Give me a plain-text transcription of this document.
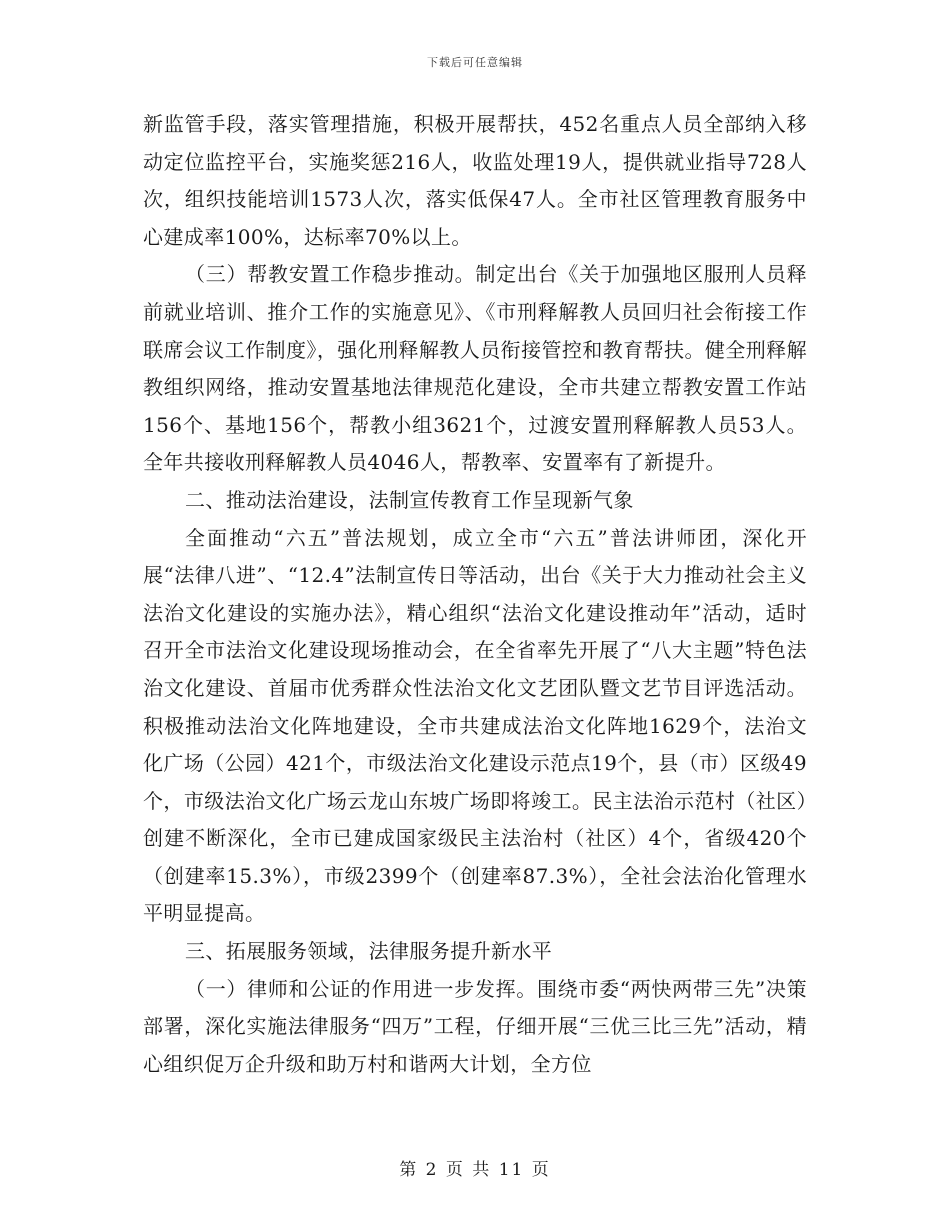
下载后可任意编辑

新监管手段，落实管理措施，积极开展帮扶，452名重点人员全部纳入移动定位监控平台，实施奖惩216人，收监处理19人，提供就业指导728人次，组织技能培训1573人次，落实低保47人。全市社区管理教育服务中心建成率100%，达标率70%以上。

（三）帮教安置工作稳步推动。制定出台《关于加强地区服刑人员释前就业培训、推介工作的实施意见》、《市刑释解教人员回归社会衔接工作联席会议工作制度》，强化刑释解教人员衔接管控和教育帮扶。健全刑释解教组织网络，推动安置基地法律规范化建设，全市共建立帮教安置工作站156个、基地156个，帮教小组3621个，过渡安置刑释解教人员53人。全年共接收刑释解教人员4046人，帮教率、安置率有了新提升。

二、推动法治建设，法制宣传教育工作呈现新气象

全面推动“六五”普法规划，成立全市“六五”普法讲师团，深化开展“法律八进”、“12.4”法制宣传日等活动，出台《关于大力推动社会主义法治文化建设的实施办法》，精心组织“法治文化建设推动年”活动，适时召开全市法治文化建设现场推动会，在全省率先开展了“八大主题”特色法治文化建设、首届市优秀群众性法治文化文艺团队暨文艺节目评选活动。积极推动法治文化阵地建设，全市共建成法治文化阵地1629个，法治文化广场（公园）421个，市级法治文化建设示范点19个，县（市）区级49个，市级法治文化广场云龙山东坡广场即将竣工。民主法治示范村（社区）创建不断深化，全市已建成国家级民主法治村（社区）4个，省级420个（创建率15.3%），市级2399个（创建率87.3%），全社会法治化管理水平明显提高。

三、拓展服务领域，法律服务提升新水平

（一）律师和公证的作用进一步发挥。围绕市委“两快两带三先”决策部署，深化实施法律服务“四万”工程，仔细开展“三优三比三先”活动，精心组织促万企升级和助万村和谐两大计划，全方位

第 2 页 共 11 页
